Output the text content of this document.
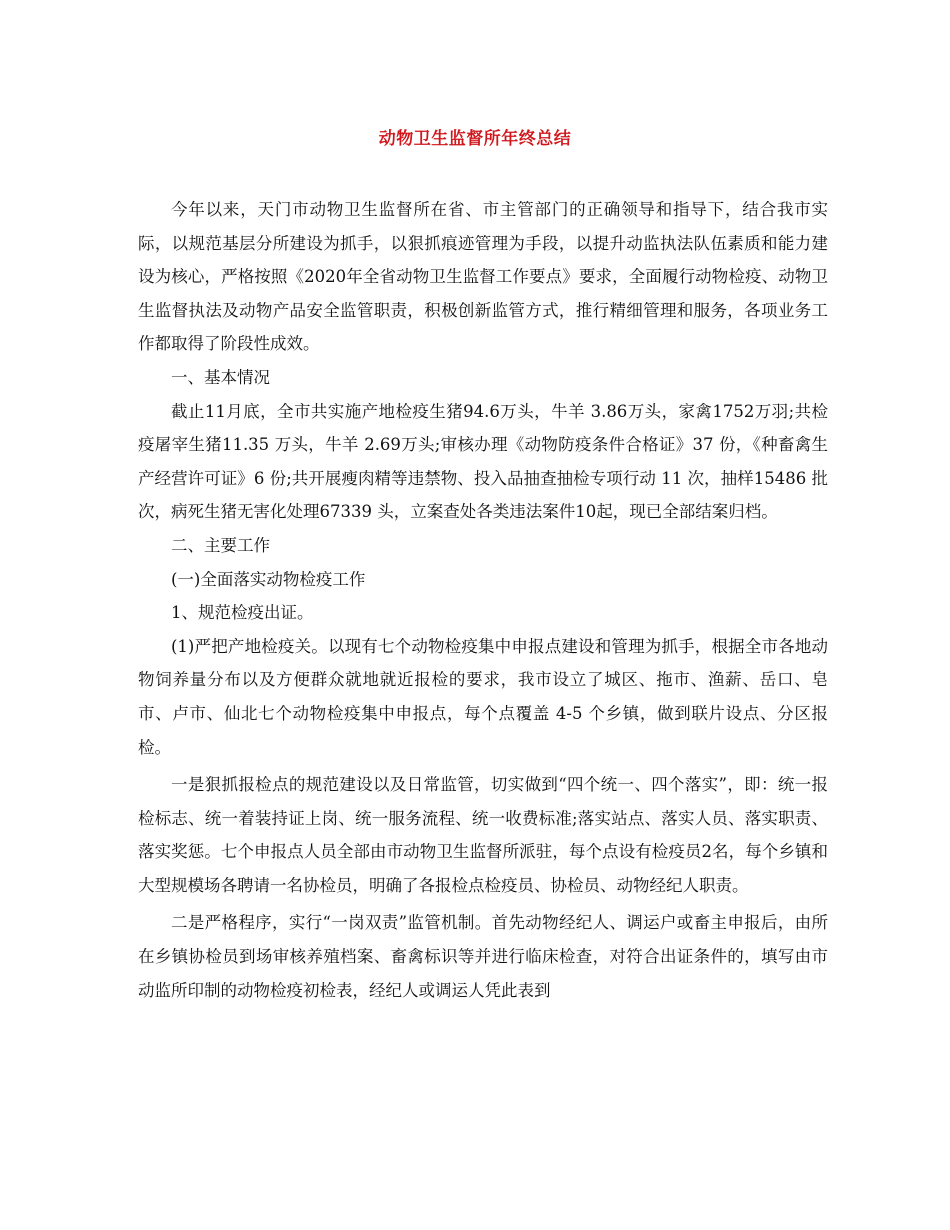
动物卫生监督所年终总结

今年以来，天门市动物卫生监督所在省、市主管部门的正确领导和指导下，结合我市实际，以规范基层分所建设为抓手，以狠抓痕迹管理为手段，以提升动监执法队伍素质和能力建设为核心，严格按照《2020年全省动物卫生监督工作要点》要求，全面履行动物检疫、动物卫生监督执法及动物产品安全监管职责，积极创新监管方式，推行精细管理和服务，各项业务工作都取得了阶段性成效。

一、基本情况

截止11月底，全市共实施产地检疫生猪94.6万头，牛羊 3.86万头，家禽1752万羽;共检疫屠宰生猪11.35 万头，牛羊 2.69万头;审核办理《动物防疫条件合格证》37 份，《种畜禽生产经营许可证》6 份;共开展瘦肉精等违禁物、投入品抽查抽检专项行动 11 次，抽样15486 批次，病死生猪无害化处理67339 头，立案查处各类违法案件10起，现已全部结案归档。

二、主要工作

(一)全面落实动物检疫工作

1、规范检疫出证。

(1)严把产地检疫关。以现有七个动物检疫集中申报点建设和管理为抓手，根据全市各地动物饲养量分布以及方便群众就地就近报检的要求，我市设立了城区、拖市、渔薪、岳口、皂市、卢市、仙北七个动物检疫集中申报点，每个点覆盖 4-5 个乡镇，做到联片设点、分区报检。

一是狠抓报检点的规范建设以及日常监管，切实做到“四个统一、四个落实”，即：统一报检标志、统一着装持证上岗、统一服务流程、统一收费标准;落实站点、落实人员、落实职责、落实奖惩。七个申报点人员全部由市动物卫生监督所派驻，每个点设有检疫员2名，每个乡镇和大型规模场各聘请一名协检员，明确了各报检点检疫员、协检员、动物经纪人职责。

二是严格程序，实行“一岗双责”监管机制。首先动物经纪人、调运户或畜主申报后，由所在乡镇协检员到场审核养殖档案、畜禽标识等并进行临床检查，对符合出证条件的，填写由市动监所印制的动物检疫初检表，经纪人或调运人凭此表到
